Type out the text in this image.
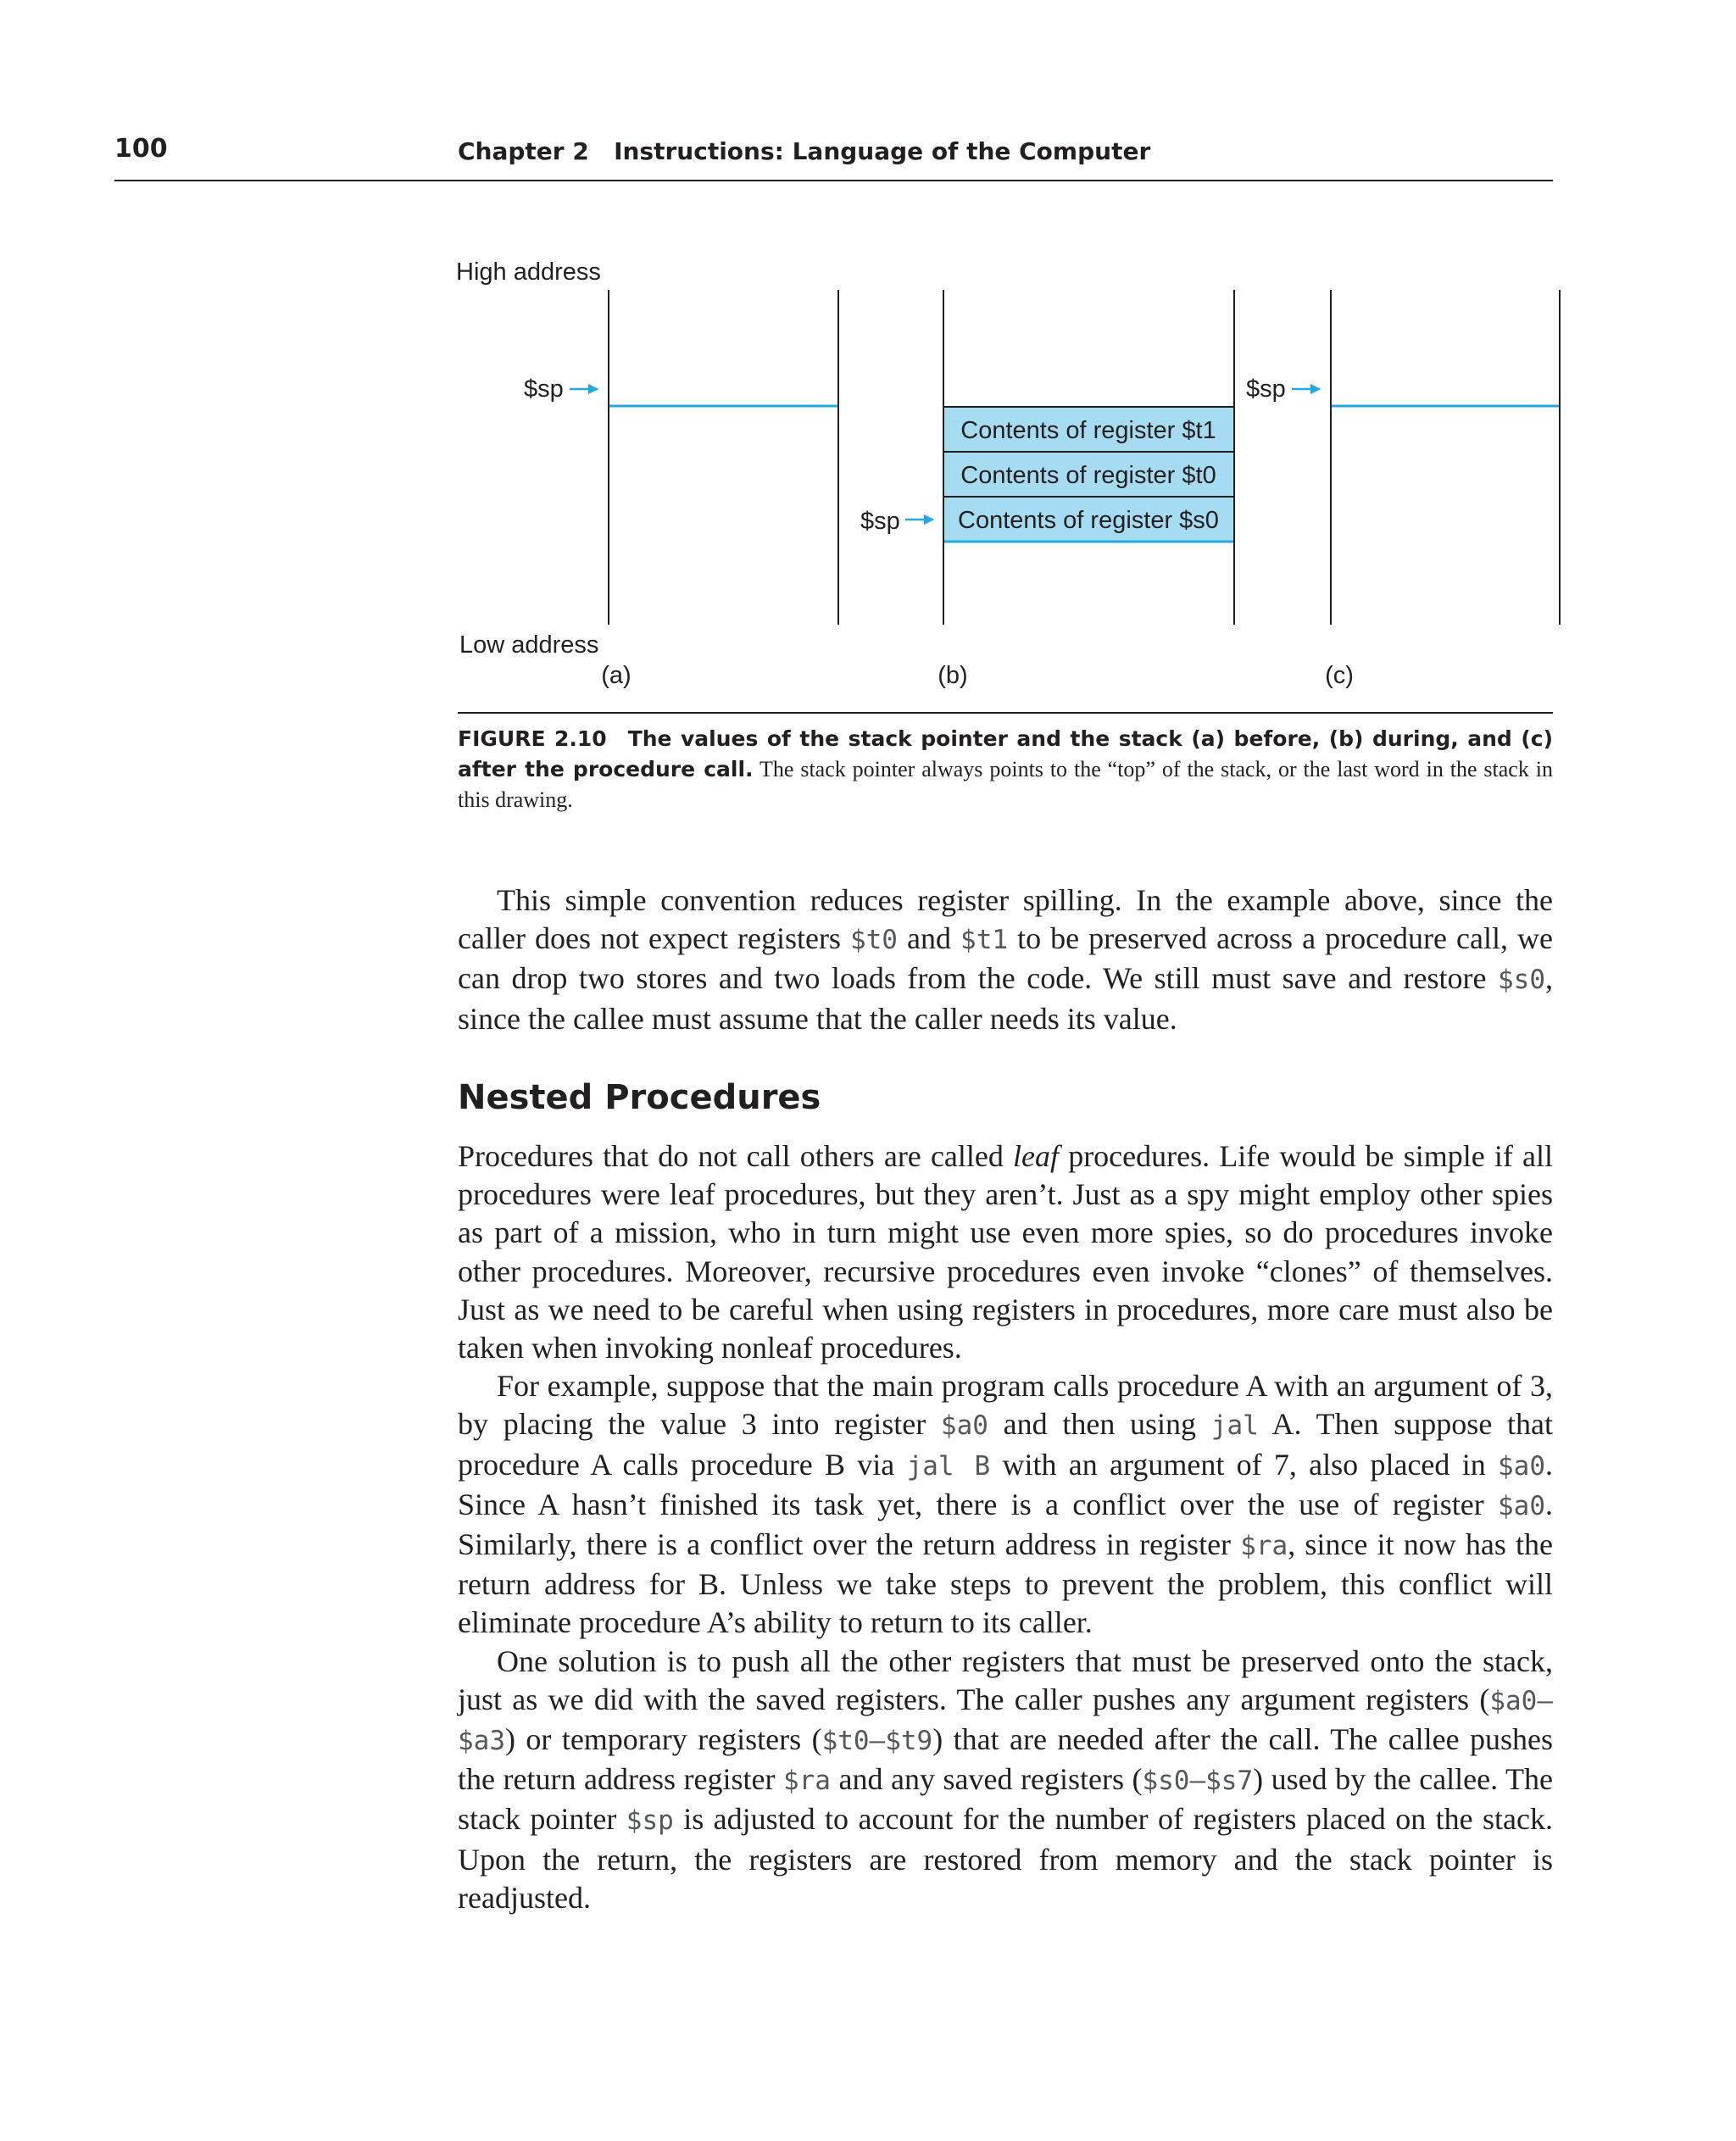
100	Chapter 2   Instructions: Language of the Computer
High address
Low address
$sp
(a)
Contents of register $t1
Contents of register $t0
Contents of register $s0
$sp
(b)
$sp
(c)
FIGURE 2.10 The values of the stack pointer and the stack (a) before, (b) during, and (c) after the procedure call. The stack pointer always points to the “top” of the stack, or the last word in the stack in this drawing.

This simple convention reduces register spilling. In the example above, since the caller does not expect registers $t0 and $t1 to be preserved across a procedure call, we can drop two stores and two loads from the code. We still must save and restore $s0, since the callee must assume that the caller needs its value.

Nested Procedures

Procedures that do not call others are called leaf procedures. Life would be simple if all procedures were leaf procedures, but they aren’t. Just as a spy might employ other spies as part of a mission, who in turn might use even more spies, so do procedures invoke other procedures. Moreover, recursive procedures even invoke “clones” of themselves. Just as we need to be careful when using registers in procedures, more care must also be taken when invoking nonleaf procedures.

For example, suppose that the main program calls procedure A with an argument of 3, by placing the value 3 into register $a0 and then using jal A. Then suppose that procedure A calls procedure B via jal B with an argument of 7, also placed in $a0. Since A hasn’t finished its task yet, there is a conflict over the use of register $a0. Similarly, there is a conflict over the return address in register $ra, since it now has the return address for B. Unless we take steps to prevent the problem, this conflict will eliminate procedure A’s ability to return to its caller.

One solution is to push all the other registers that must be preserved onto the stack, just as we did with the saved registers. The caller pushes any argument registers ($a0–$a3) or temporary registers ($t0–$t9) that are needed after the call. The callee pushes the return address register $ra and any saved registers ($s0–$s7) used by the callee. The stack pointer $sp is adjusted to account for the number of registers placed on the stack. Upon the return, the registers are restored from memory and the stack pointer is readjusted.
